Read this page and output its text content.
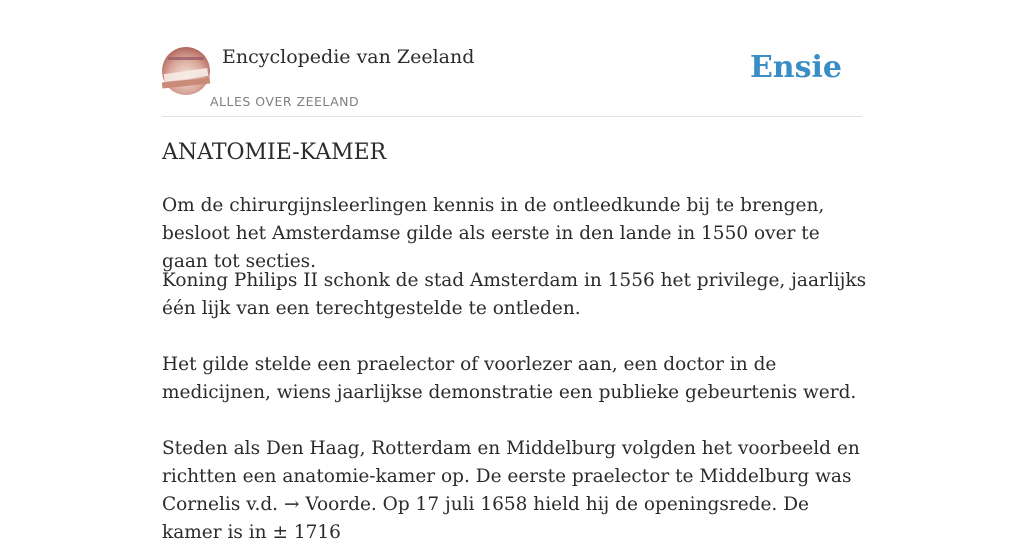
Encyclopedie van Zeeland
ALLES OVER ZEELAND
Ensie
ANATOMIE-KAMER

Om de chirurgijnsleerlingen kennis in de ontleedkunde bij te brengen, besloot het Amsterdamse gilde als eerste in den lande in 1550 over te gaan tot secties.

Koning Philips II schonk de stad Amsterdam in 1556 het privilege, jaarlijks één lijk van een terechtgestelde te ontleden.

Het gilde stelde een praelector of voorlezer aan, een doctor in de medicijnen, wiens jaarlijkse demonstratie een publieke gebeurtenis werd.

Steden als Den Haag, Rotterdam en Middelburg volgden het voorbeeld en richtten een anatomie-kamer op. De eerste praelector te Middelburg was Cornelis v.d. → Voorde. Op 17 juli 1658 hield hij de openingsrede. De kamer is in ± 1716
